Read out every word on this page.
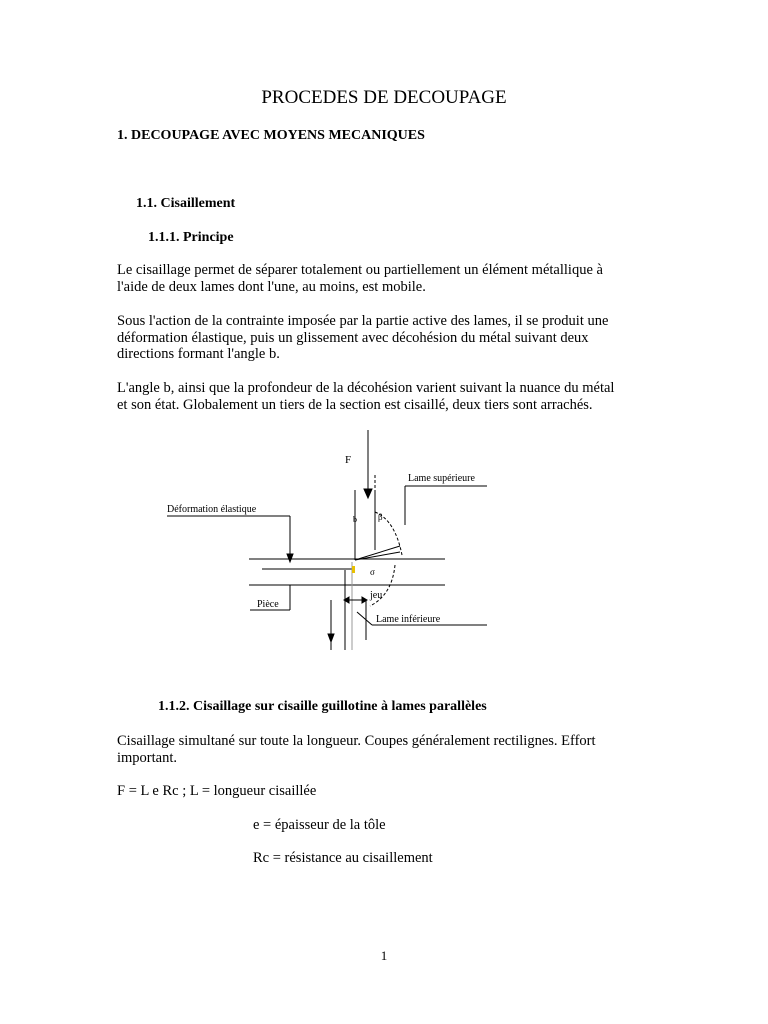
PROCEDES DE DECOUPAGE
1. DECOUPAGE AVEC MOYENS MECANIQUES
1.1. Cisaillement
1.1.1. Principe
Le cisaillage permet de séparer totalement ou partiellement un élément métallique à
l'aide de deux lames dont l'une, au moins, est mobile.
Sous l'action de la contrainte imposée par la partie active des lames, il se produit une
déformation élastique, puis un glissement avec décohésion du métal suivant deux
directions formant l'angle b.
L'angle b, ainsi que la profondeur de la décohésion varient suivant la nuance du métal
et son état. Globalement un tiers de la section est cisaillé, deux tiers sont arrachés.
F
Lame supérieure
Déformation élastique
b β
σ
Pièce
jeu
Lame inférieure
1.1.2. Cisaillage sur cisaille guillotine à lames parallèles
Cisaillage simultané sur toute la longueur. Coupes généralement rectilignes. Effort
important.
F = L e Rc ; L = longueur cisaillée
e = épaisseur de la tôle
Rc = résistance au cisaillement
1
